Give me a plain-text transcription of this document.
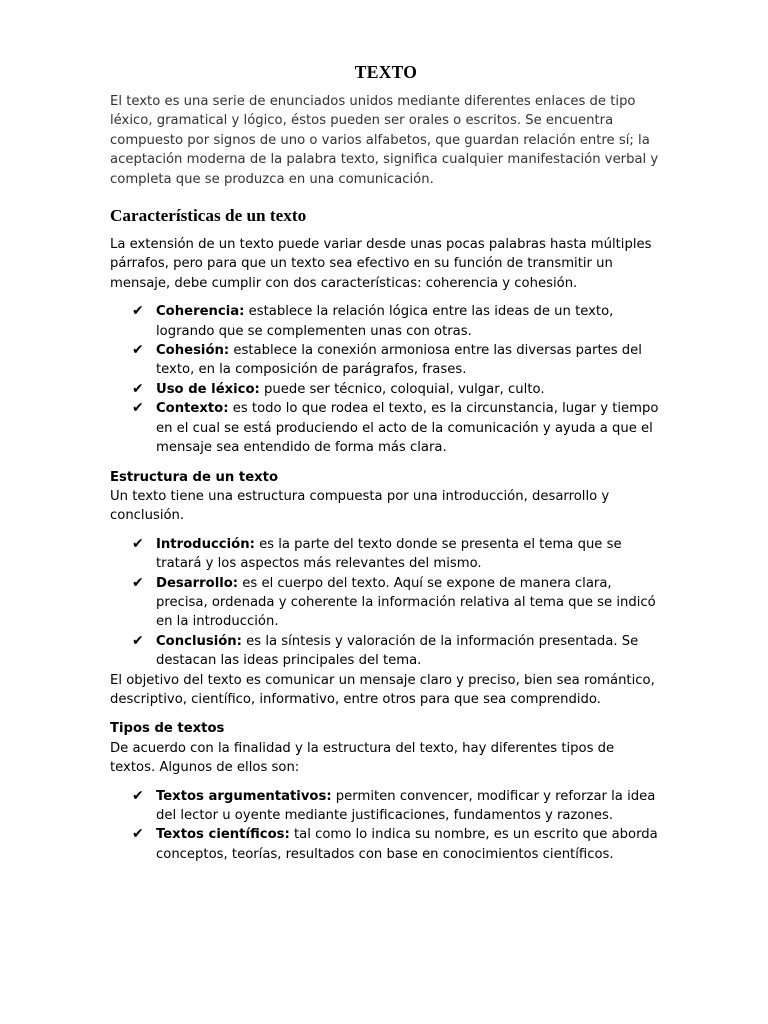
TEXTO

El texto es una serie de enunciados unidos mediante diferentes enlaces de tipo léxico, gramatical y lógico, éstos pueden ser orales o escritos. Se encuentra compuesto por signos de uno o varios alfabetos, que guardan relación entre sí; la aceptación moderna de la palabra texto, significa cualquier manifestación verbal y completa que se produzca en una comunicación.

Características de un texto

La extensión de un texto puede variar desde unas pocas palabras hasta múltiples párrafos, pero para que un texto sea efectivo en su función de transmitir un mensaje, debe cumplir con dos características: coherencia y cohesión.

✔ Coherencia: establece la relación lógica entre las ideas de un texto, logrando que se complementen unas con otras.
✔ Cohesión: establece la conexión armoniosa entre las diversas partes del texto, en la composición de parágrafos, frases.
✔ Uso de léxico: puede ser técnico, coloquial, vulgar, culto.
✔ Contexto: es todo lo que rodea el texto, es la circunstancia, lugar y tiempo en el cual se está produciendo el acto de la comunicación y ayuda a que el mensaje sea entendido de forma más clara.
Estructura de un texto

Un texto tiene una estructura compuesta por una introducción, desarrollo y conclusión.

✔ Introducción: es la parte del texto donde se presenta el tema que se tratará y los aspectos más relevantes del mismo.
✔ Desarrollo: es el cuerpo del texto. Aquí se expone de manera clara, precisa, ordenada y coherente la información relativa al tema que se indicó en la introducción.
✔ Conclusión: es la síntesis y valoración de la información presentada. Se destacan las ideas principales del tema.

El objetivo del texto es comunicar un mensaje claro y preciso, bien sea romántico, descriptivo, científico, informativo, entre otros para que sea comprendido.

Tipos de textos

De acuerdo con la finalidad y la estructura del texto, hay diferentes tipos de textos. Algunos de ellos son:

✔ Textos argumentativos: permiten convencer, modificar y reforzar la idea del lector u oyente mediante justificaciones, fundamentos y razones.
✔ Textos científicos: tal como lo indica su nombre, es un escrito que aborda conceptos, teorías, resultados con base en conocimientos científicos.
